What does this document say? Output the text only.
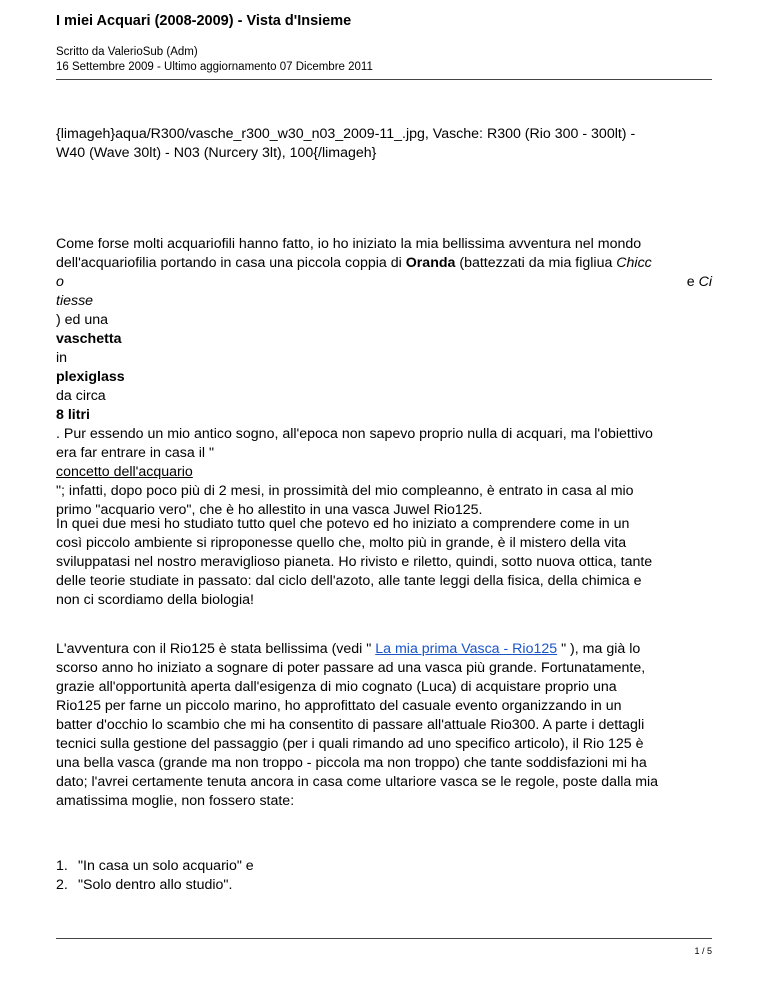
I miei Acquari (2008-2009) - Vista d'Insieme
Scritto da ValerioSub (Adm)
16 Settembre 2009 - Ultimo aggiornamento 07 Dicembre 2011
{limageh}aqua/R300/vasche_r300_w30_n03_2009-11_.jpg, Vasche: R300 (Rio 300 - 300lt) -
W40 (Wave 30lt) - N03 (Nurcery 3lt), 100{/limageh}
Come forse molti acquariofili hanno fatto, io ho iniziato la mia bellissima avventura nel mondo
dell'acquariofilia portando in casa una piccola coppia di Oranda (battezzati da mia figliua Chicc
o	e Ci
tiesse
) ed una
vaschetta
in
plexiglass
da circa
8 litri
. Pur essendo un mio antico sogno, all'epoca non sapevo proprio nulla di acquari, ma l'obiettivo
era far entrare in casa il "
concetto dell'acquario
"; infatti, dopo poco più di 2 mesi, in prossimità del mio compleanno, è entrato in casa al mio
primo "acquario vero", che è ho allestito in una vasca Juwel Rio125.
In quei due mesi ho studiato tutto quel che potevo ed ho iniziato a comprendere come in un
così piccolo ambiente si riproponesse quello che, molto più in grande, è il mistero della vita
sviluppatasi nel nostro meraviglioso pianeta. Ho rivisto e riletto, quindi, sotto nuova ottica, tante
delle teorie studiate in passato: dal ciclo dell'azoto, alle tante leggi della fisica, della chimica e
non ci scordiamo della biologia!
L'avventura con il Rio125 è stata bellissima (vedi " La mia prima Vasca - Rio125 " ), ma già lo
scorso anno ho iniziato a sognare di poter passare ad una vasca più grande. Fortunatamente,
grazie all'opportunità aperta dall'esigenza di mio cognato (Luca) di acquistare proprio una
Rio125 per farne un piccolo marino, ho approfittato del casuale evento organizzando in un
batter d'occhio lo scambio che mi ha consentito di passare all'attuale Rio300. A parte i dettagli
tecnici sulla gestione del passaggio (per i quali rimando ad uno specifico articolo), il Rio 125 è
una bella vasca (grande ma non troppo - piccola ma non troppo) che tante soddisfazioni mi ha
dato; l'avrei certamente tenuta ancora in casa come ultariore vasca se le regole, poste dalla mia
amatissima moglie, non fossero state:
1. "In casa un solo acquario" e
2. "Solo dentro allo studio".
1 / 5
